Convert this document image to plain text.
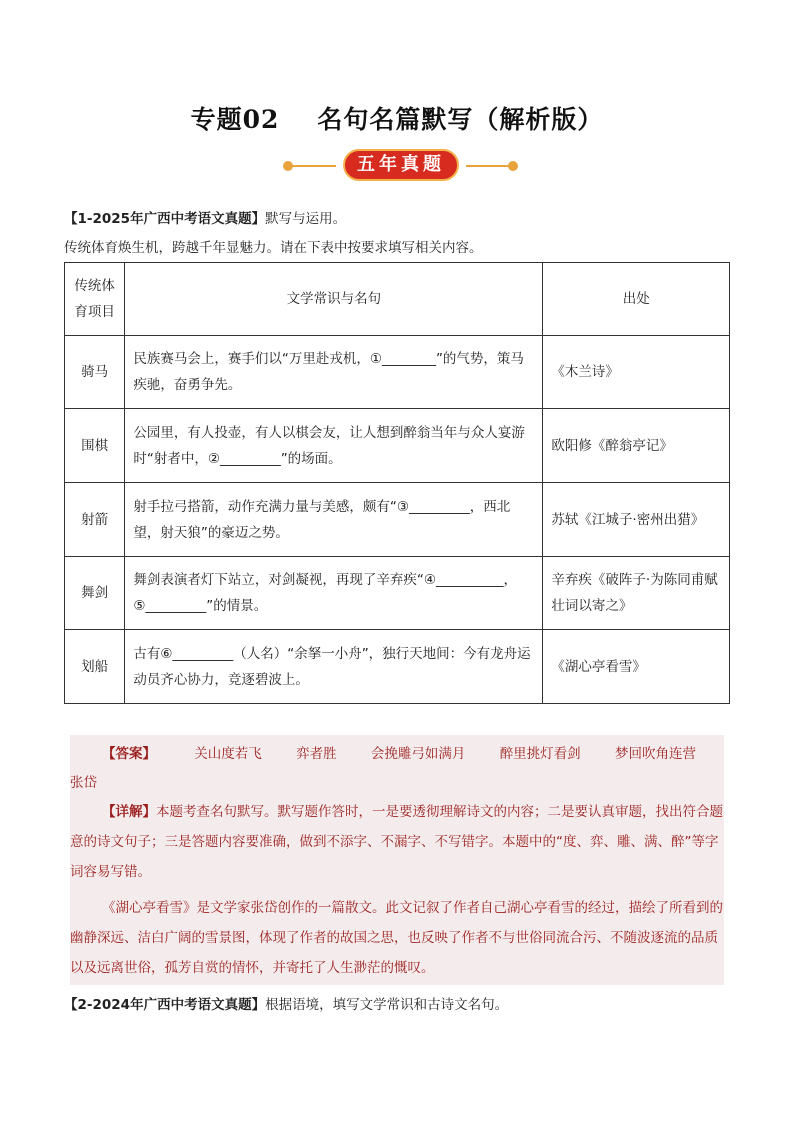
专题02 名句名篇默写（解析版）
五年真题
【1-2025年广西中考语文真题】默写与运用。
传统体育焕生机，跨越千年显魅力。请在下表中按要求填写相关内容。
传统体育项目	文学常识与名句	出处
骑马	民族赛马会上，赛手们以“万里赴戎机，①________”的气势，策马疾驰，奋勇争先。	《木兰诗》
围棋	公园里，有人投壶，有人以棋会友，让人想到醉翁当年与众人宴游时“射者中，②_________”的场面。	欧阳修《醉翁亭记》
射箭	射手拉弓搭箭，动作充满力量与美感，颇有“③_________，西北望，射天狼”的豪迈之势。	苏轼《江城子·密州出猎》
舞剑	舞剑表演者灯下站立，对剑凝视，再现了辛弃疾“④__________，⑤_________”的情景。	辛弃疾《破阵子·为陈同甫赋壮词以寄之》
划船	古有⑥_________（人名）“余拏一小舟”，独行天地间：今有龙舟运动员齐心协力，竞逐碧波上。	《湖心亭看雪》
【答案】	关山度若飞	弈者胜	会挽雕弓如满月	醉里挑灯看剑	梦回吹角连营
张岱
【详解】本题考查名句默写。默写题作答时，一是要透彻理解诗文的内容；二是要认真审题，找出符合题意的诗文句子；三是答题内容要准确，做到不添字、不漏字、不写错字。本题中的“度、弈、雕、满、醉”等字词容易写错。
《湖心亭看雪》是文学家张岱创作的一篇散文。此文记叙了作者自己湖心亭看雪的经过，描绘了所看到的幽静深远、洁白广阔的雪景图，体现了作者的故国之思，也反映了作者不与世俗同流合污、不随波逐流的品质以及远离世俗，孤芳自赏的情怀，并寄托了人生渺茫的慨叹。
【2-2024年广西中考语文真题】根据语境，填写文学常识和古诗文名句。
